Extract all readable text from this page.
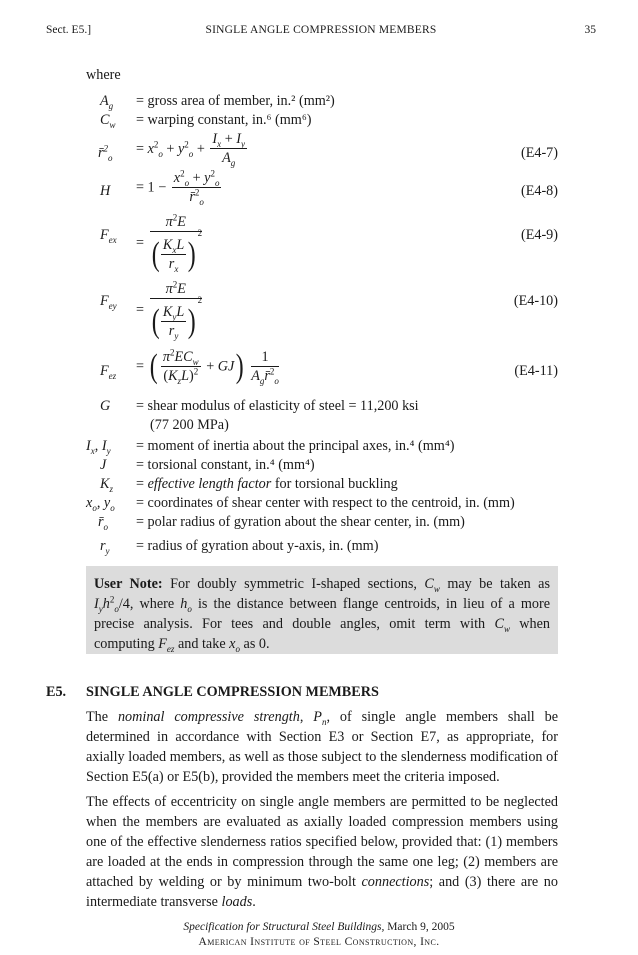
Sect. E5.]	SINGLE ANGLE COMPRESSION MEMBERS	35
where
$A_g$ = gross area of member, in.² (mm²)
$C_w$ = warping constant, in.⁶ (mm⁶)
r̄$^2_o$
= $x^2_o + y^2_o + \frac{I_x + I_y}{A_g}$	(E4-7)
$H = 1 - \frac{x^2_o + y^2_o}{r̄^2_o}$	(E4-8)
$F_{ex} = \frac{\pi^2E}{( \frac{K_xL}{r_x} )^2}$	(E4-9)
$F_{ey} = \frac{\pi^2E}{( \frac{K_yL}{r_y} )^2}$	(E4-10)
$F_{ez}$
= ( $\frac{\pi^2EC_w}{(K_zL)^2} + GJ) \frac{1}{A_gr̄^2_o}$	(E4-11)
G = shear modulus of elasticity of steel = 11,200 ksi
(77 200 MPa)
$I_x$, $I_y$ = moment of inertia about the principal axes, in.⁴ (mm⁴)
J = torsional constant, in.⁴ (mm⁴)
$K_z$ = effective length factor for torsional buckling
$x_o$, $y_o$ = coordinates of shear center with respect to the centroid, in. (mm)
$r̄_o$ = polar radius of gyration about the shear center, in. (mm)
$r_y$ = radius of gyration about y-axis, in. (mm)
User Note: For doubly symmetric I-shaped sections, $C_w$ may be taken as $I_yh^2_o/4$, where $h_o$ is the distance between flange centroids, in lieu of a more precise analysis. For tees and double angles, omit term with $C_w$ when computing $F_{ez}$ and take $x_o$ as 0.
E5. SINGLE ANGLE COMPRESSION MEMBERS
The nominal compressive strength, $P_n$, of single angle members shall be determined in accordance with Section E3 or Section E7, as appropriate, for axially loaded members, as well as those subject to the slenderness modification of Section E5(a) or E5(b), provided the members meet the criteria imposed.
The effects of eccentricity on single angle members are permitted to be neglected when the members are evaluated as axially loaded compression members using one of the effective slenderness ratios specified below, provided that: (1) members are loaded at the ends in compression through the same one leg; (2) members are attached by welding or by minimum two-bolt connections; and (3) there are no intermediate transverse loads.
Specification for Structural Steel Buildings, March 9, 2005
American Institute of Steel Construction, Inc.
